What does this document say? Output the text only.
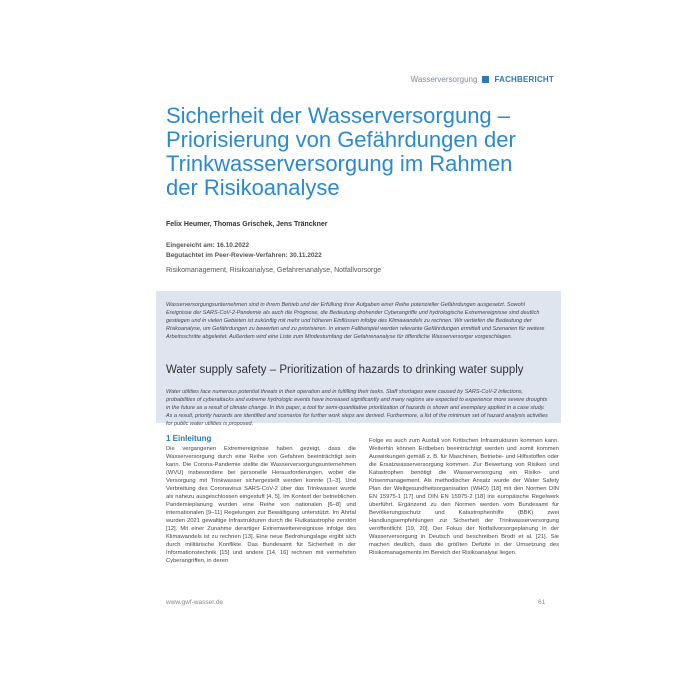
Wasserversorgung FACHBERICHT
Sicherheit der Wasserversorgung –
Priorisierung von Gefährdungen der
Trinkwasserversorgung im Rahmen
der Risikoanalyse
Felix Heumer, Thomas Grischek, Jens Tränckner
Eingereicht am: 16.10.2022
Begutachtet im Peer-Review-Verfahren: 30.11.2022
Risikomanagement, Risikoanalyse, Gefahrenanalyse, Notfallvorsorge
Wasserversorgungsunternehmen sind in ihrem Betrieb und der Erfüllung ihrer Aufgaben einer Reihe potenzieller Gefährdungen ausgesetzt. Sowohl Ereignisse der SARS-CoV-2-Pandemie als auch die Prognose, die Bedeutung drohender Cyberangriffe und hydrologische Extremereignisse sind deutlich gestiegen und in vielen Gebieten ist zukünftig mit mehr und höheren Einflüssen infolge des Klimawandels zu rechnen. Wir vertiefen die Bedeutung der Risikoanalyse, um Gefährdungen zu bewerten und zu priorisieren. In einem Fallbeispiel werden relevante Gefährdungen ermittelt und Szenarien für weitere Arbeitsschritte abgeleitet. Außerdem wird eine Liste zum Mindestumfang der Gefahrenanalyse für öffentliche Wasserversorger vorgeschlagen.
Water supply safety – Prioritization of hazards to drinking water supply
Water utilities face numerous potential threats in their operation and in fulfilling their tasks. Staff shortages were caused by SARS-CoV-2 infections, probabilities of cyberattacks and extreme hydrologic events have increased significantly and many regions are expected to experience more severe droughts in the future as a result of climate change. In this paper, a tool for semi-quantitative prioritization of hazards is shown and exemplary applied in a case study. As a result, priority hazards are identified and scenarios for further work steps are derived. Furthermore, a list of the minimum set of hazard analysis activities for public water utilities is proposed.
1 Einleitung

Die vergangenen Extremereignisse haben gezeigt, dass die Wasserversorgung durch eine Reihe von Gefahren beeinträchtigt sein kann. Die Corona-Pandemie stellte die Wasserversorgungsunternehmen (WVU) insbesondere bei personelle Herausforderungen, wobei die Versorgung mit Trinkwasser sichergestellt werden konnte [1–3]. Und Verbreitung des Coronavirus SARS-CoV-2 über das Trinkwasser wurde als nahezu ausgeschlossen eingestuft [4, 5]. Im Kontext der betrieblichen Pandemieplanung wurden eine Reihe von nationalen [6–8] und internationalen [9–11] Regelungen zur Bewältigung unterstützt. Im Ahrtal wurden 2021 gewaltige Infrastrukturen durch die Flutkatastrophe zerstört [12]. Mit einer Zunahme derartiger Extremwetterereignisse infolge des Klimawandels ist zu rechnen [13]. Eine neue Bedrohungslage ergibt sich durch militärische Konflikte. Das Bundesamt für Sicherheit in der Informationstechnik [15] und andere [14, 16] rechnen mit vermehrten Cyberangriffen, in deren

Folge es auch zum Ausfall von Kritischen Infrastrukturen kommen kann. Weiterhin können Erdbeben beeinträchtigt werden und somit kommen Auswirkungen gemäß z. B. für Maschinen, Betriebe- und Hilfsstoffen oder die Ersatzwasserversorgung kommen. Zur Bewertung von Risiken und Katastrophen benötigt die Wasserversorgung ein Risiko- und Krisenmanagement. Als methodischer Ansatz wurde der Water Safety Plan der Weltgesundheitsorganisation (WHO) [18] mit den Normen DIN EN 15975-1 [17] und DIN EN 15975-2 [18] ins europäische Regelwerk überführt. Ergänzend zu den Normen werden vom Bundesamt für Bevölkerungsschutz und Katastrophenhilfe (BBK) zwei Handlungsempfehlungen zur Sicherheit der Trinkwasserversorgung veröffentlicht [19, 20]. Der Fokus der Notfallvorsorgeplanung in der Wasserversorgung in Deutsch und beschreiben Brodt et al. [21]. Sie machen deutlich, dass die größten Defizite in der Umsetzung des Risikomanagements im Bereich der Risikoanalyse liegen.

www.gwf-wasser.de	61
